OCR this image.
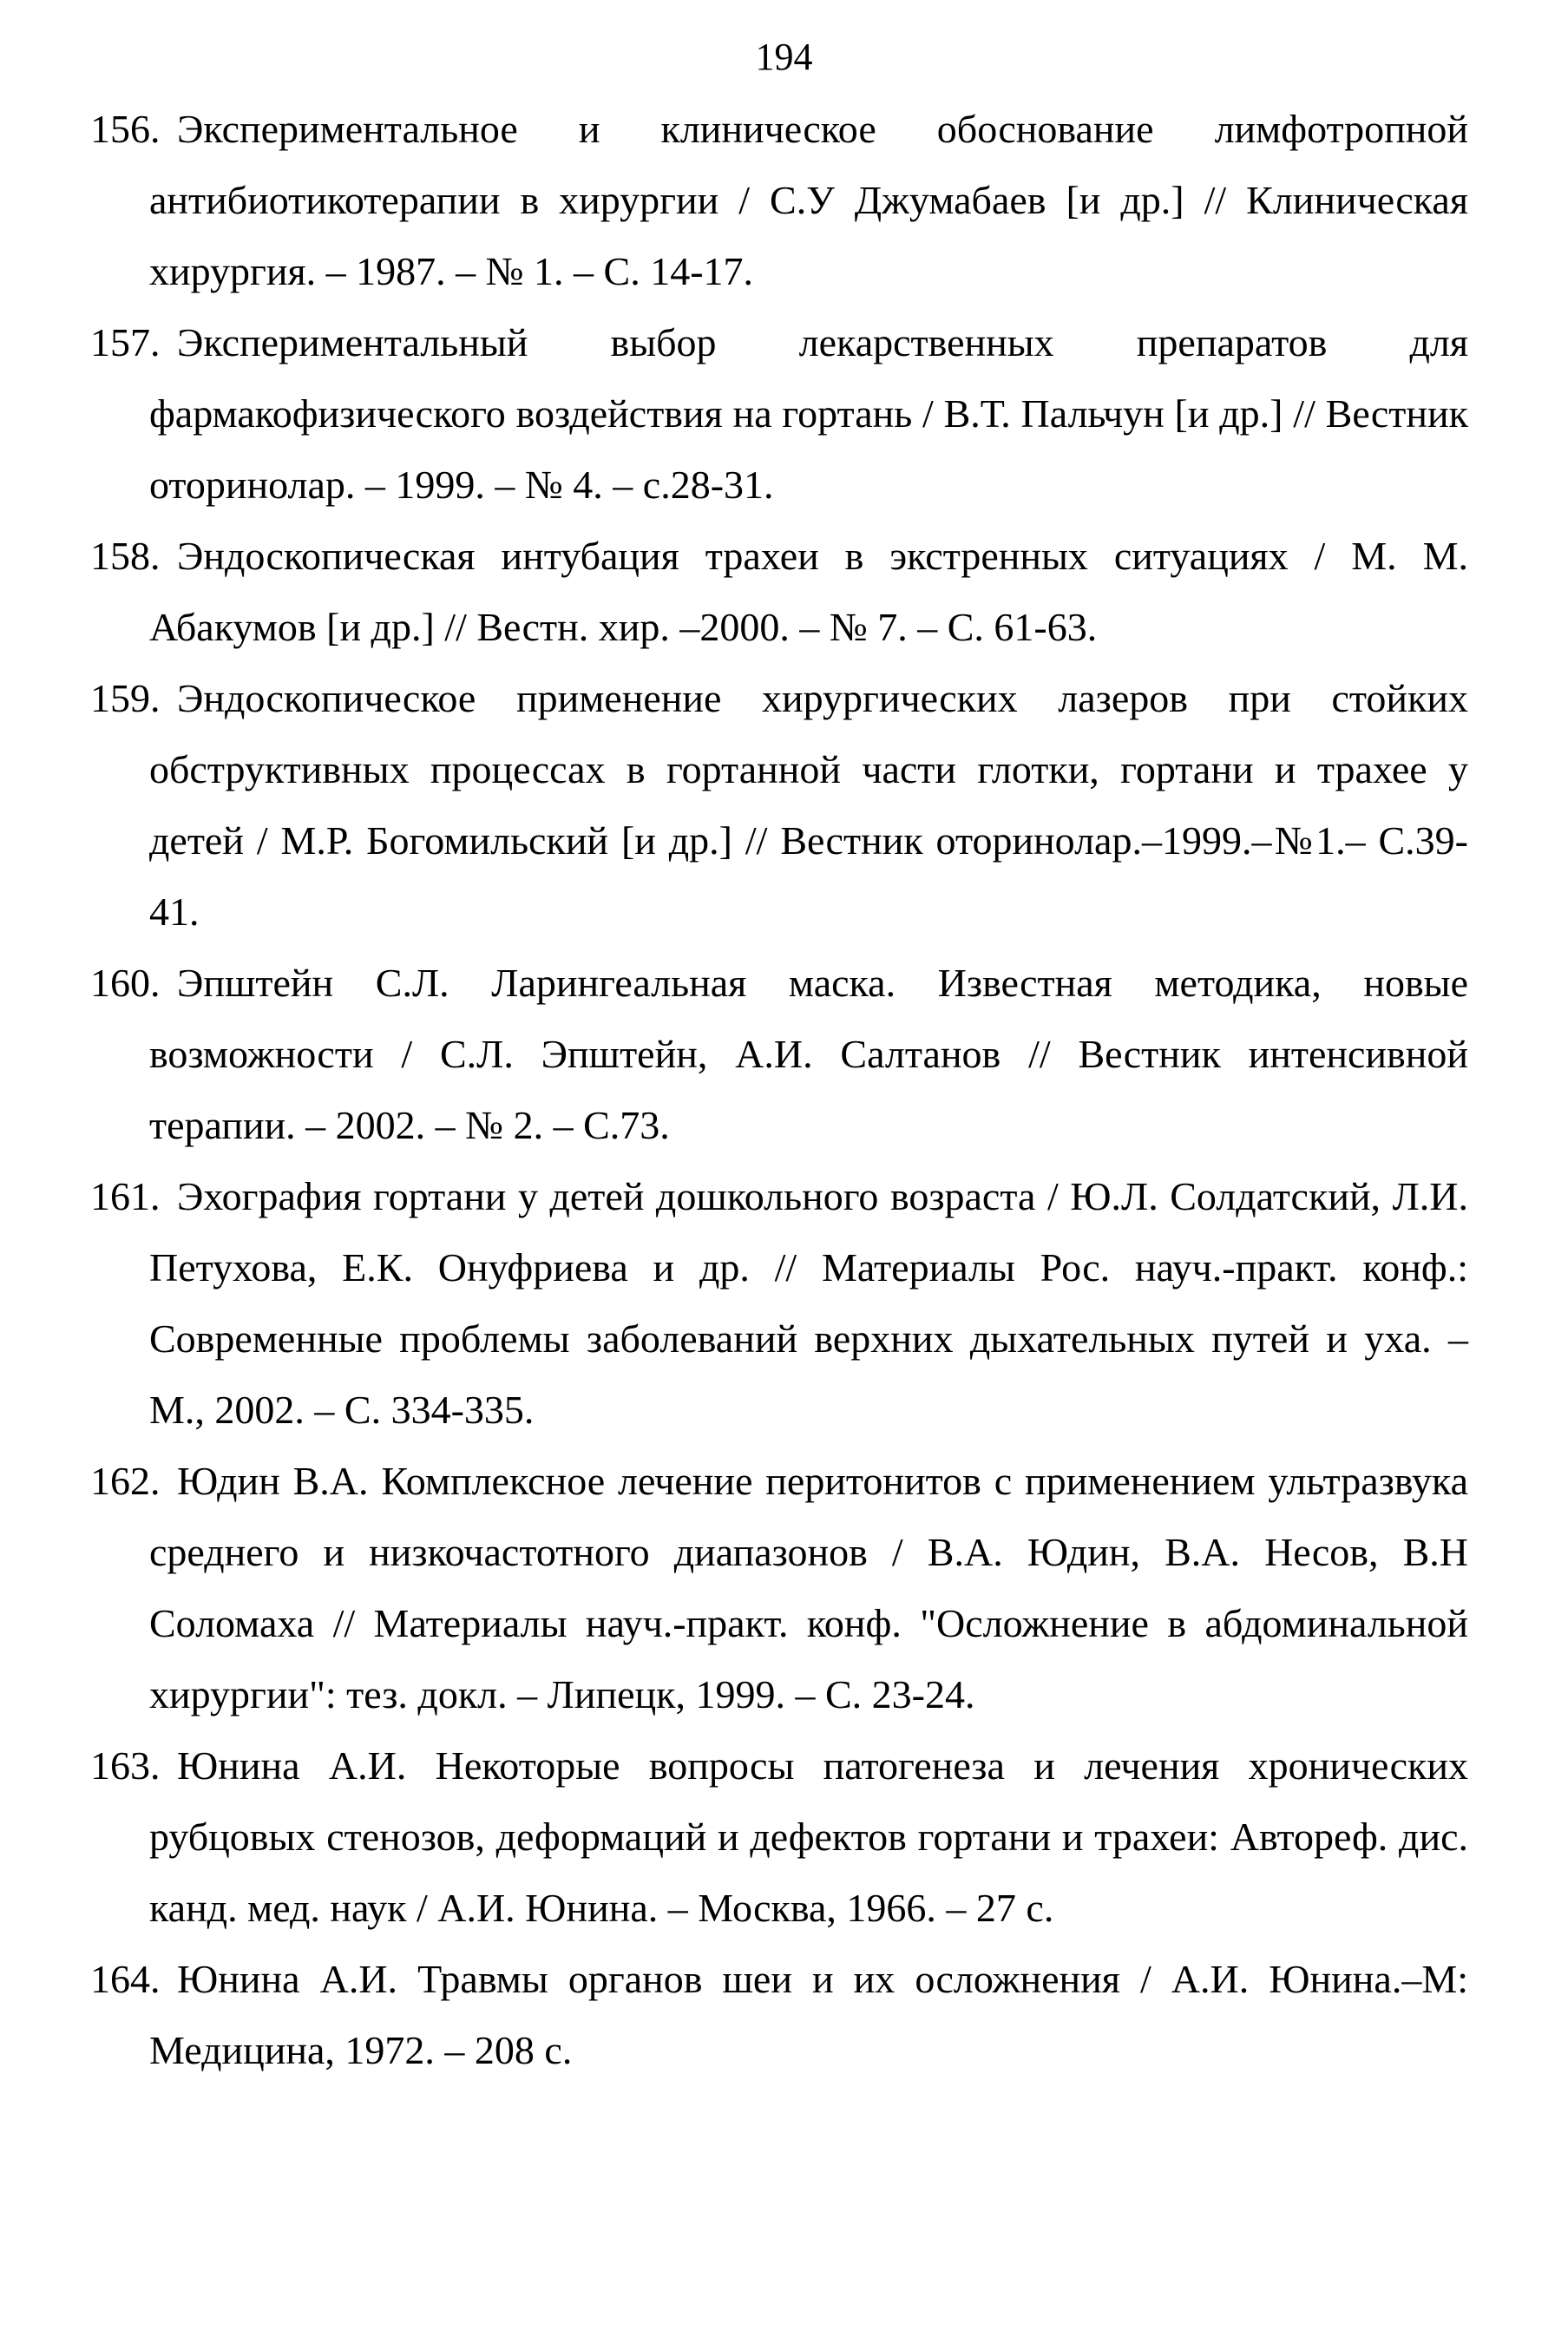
194
156. Экспериментальное и клиническое обоснование лимфотропной антибиотикотерапии в хирургии / С.У Джумабаев [и др.] // Клиническая хирургия. – 1987. – № 1. – С. 14-17.
157. Экспериментальный выбор лекарственных препаратов для фармакофизического воздействия на гортань / В.Т. Пальчун [и др.] // Вестник оторинолар. – 1999. – № 4. – с.28-31.
158. Эндоскопическая интубация трахеи в экстренных ситуациях / М. М. Абакумов [и др.] // Вестн. хир. –2000. – № 7. – С. 61-63.
159. Эндоскопическое применение хирургических лазеров при стойких обструктивных процессах в гортанной части глотки, гортани и трахее у детей / М.Р. Богомильский [и др.] // Вестник оторинолар.–1999.–№1.– С.39-41.
160. Эпштейн С.Л. Ларингеальная маска. Известная методика, новые возможности / С.Л. Эпштейн, А.И. Салтанов // Вестник интенсивной терапии. – 2002. – № 2. – С.73.
161. Эхография гортани у детей дошкольного возраста / Ю.Л. Солдатский, Л.И. Петухова, Е.К. Онуфриева и др. // Материалы Рос. науч.-практ. конф.: Современные проблемы заболеваний верхних дыхательных путей и уха. – М., 2002. – С. 334-335.
162. Юдин В.А. Комплексное лечение перитонитов с применением ультразвука среднего и низкочастотного диапазонов / В.А. Юдин, В.А. Несов, В.Н Соломаха // Материалы науч.-практ. конф. "Осложнение в абдоминальной хирургии": тез. докл. – Липецк, 1999. – С. 23-24.
163. Юнина А.И. Некоторые вопросы патогенеза и лечения хронических рубцовых стенозов, деформаций и дефектов гортани и трахеи: Автореф. дис. канд. мед. наук / А.И. Юнина. – Москва, 1966. – 27 с.
164. Юнина А.И. Травмы органов шеи и их осложнения / А.И. Юнина.–М: Медицина, 1972. – 208 с.
